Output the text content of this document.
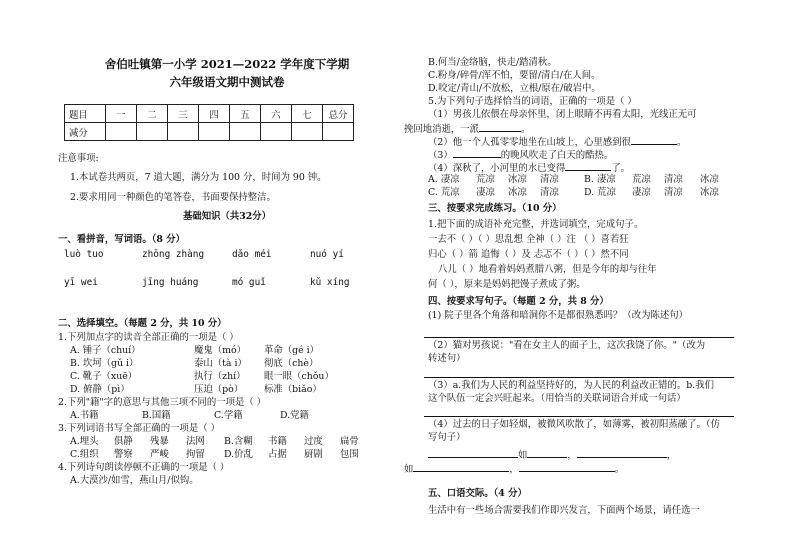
舍伯吐镇第一小学 2021—2022 学年度下学期
六年级语文期中测试卷
题目	一	二	三	四	五	六	七	总分
减分								
注意事项:
1.本试卷共两页，7 道大题，满分为 100 分，时间为 90 钟。
2.要求用同一种颜色的笔答卷，书面要保持整洁。
基础知识（共32分）
一、看拼音，写词语。（8 分）
luò tuo	zhōng zhàng	dǎo méi	nuó yí
yī wei	jīng huáng	mó guǐ	kǔ xíng
二、选择填空。（每题 2 分，共 10 分）
1.下列加点字的读音全部正确的一项是（ ）
A. 锤子（chuí）	魔鬼（mó） 革命（gé i）
B. 坎坷（ɡǔ i）	泰山（tà i） 彻底（chè）
C. 靴子（xuē）	执行（zhí） 眼一眼（chǒu）
D. 俯静（pì）	压迫（pò） 标准（biǎo）
2.下列"籍"字的意思与其他三项不同的一项是（ ）
A.书籍	B.国籍	C.学籍	D.党籍
3.下列词语书写全部正确的一项是（ ）
A.埋头 俱静 残暴 法网 B.含糊 书籍 过度 扁骨
C.组织 警察 严峻 拘留 D.价乱 占据 厨剧 包围
4.下列诗句朗读停顿不正确的一项是（ ）
A.大漠沙/如雪，燕山月/似钩。
B.何当/金络脑，快走/踏清秋。
C.粉身/碎骨/浑不怕，要留/清白/在人间。
D.咬定/青山/不放松，立根/原在/破岩中。
5.为下列句子选择恰当的词语，正确的一项是（ ）
（1）男孩儿依偎在母亲怀里，闭上眼睛不再看太阳，光线正无可
挽回地消逝，一派	。
（2）他一个人孤零零地坐在山坡上，心里感到很	。
（3）	的晚风吹走了白天的酷热。
（4）深秋了，小河里的水已变得	了。
A. 凄凉 荒凉 冰凉 清凉	B. 凄凉 荒凉 清凉 冰凉
C. 荒凉 凄凉 冰凉 清凉	D. 荒凉 凄凉 清凉 冰凉
三、按要求完成练习。（10 分）
1.把下面的成语补充完整，并选词填空，完成句子。
一去不（ ）（ ）思乱想 全神（ ）注 （ ）喜若狂
归心（ ）箭 追悔（ ）及 忐忑不（ ）（ ）然不同
八儿（ ）地看着妈妈煮腊八粥，但是今年的却与往年
何（ ），原来是妈妈把馒子煮成了粥。
四、按要求写句子。（每题 2 分，共 8 分）
(1) 院子里各个角落和暗洞你不是都很熟悉吗？（改为陈述句）
（2）猫对男孩说："看在女主人的面子上，这次我饶了你。"（改为
转述句）
（3）a.我们为人民的利益坚持好的，为人民的利益改正错的。b.我们
这个队伍一定会兴旺起来。（用恰当的关联词语合并成一句话）
（4）过去的日子如轻烟，被微风吹散了，如薄雾，被初阳蒸融了。（仿
写句子）
如	，	，
如	，	。
五、口语交际。（4 分）
生活中有一些场合需要我们作即兴发言，下面两个场景，请任选一
